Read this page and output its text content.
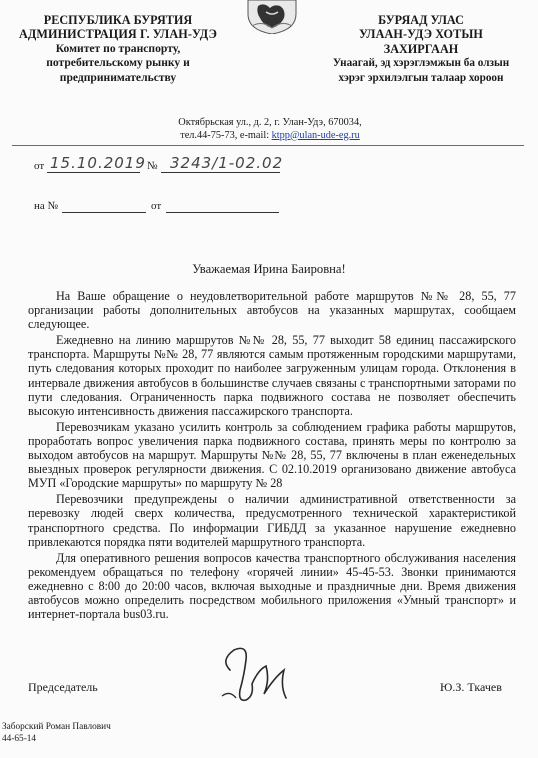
РЕСПУБЛИКА БУРЯТИЯ
АДМИНИСТРАЦИЯ Г. УЛАН-УДЭ
Комитет по транспорту,
потребительскому рынку и
предпринимательству
БУРЯАД УЛАС
УЛААН-УДЭ ХОТЫН
ЗАХИРГААН
Унаагай, эд хэрэглэмжын ба олзын
хэрэг эрхилэлгын талаар хороон
Октябрьская ул., д. 2, г. Улан-Удэ, 670034,
тел.44-75-73, e-mail: ktpp@ulan-ude-eg.ru
от 15.10.2019 № 3243/1-02.02
на №	от
Уважаемая Ирина Баировна!

На Ваше обращение о неудовлетворительной работе маршрутов №№ 28, 55, 77 организации работы дополнительных автобусов на указанных маршрутах, сообщаем следующее.

Ежедневно на линию маршрутов №№ 28, 55, 77 выходит 58 единиц пассажирского транспорта. Маршруты №№ 28, 77 являются самым протяженным городскими маршрутами, путь следования которых проходит по наиболее загруженным улицам города. Отклонения в интервале движения автобусов в большинстве случаев связаны с транспортными заторами по пути следования. Ограниченность парка подвижного состава не позволяет обеспечить высокую интенсивность движения пассажирского транспорта.

Перевозчикам указано усилить контроль за соблюдением графика работы маршрутов, проработать вопрос увеличения парка подвижного состава, принять меры по контролю за выходом автобусов на маршрут. Маршруты №№ 28, 55, 77 включены в план еженедельных выездных проверок регулярности движения. С 02.10.2019 организовано движение автобуса МУП «Городские маршруты» по маршруту № 28

Перевозчики предупреждены о наличии административной ответственности за перевозку людей сверх количества, предусмотренного технической характеристикой транспортного средства. По информации ГИБДД за указанное нарушение ежедневно привлекаются порядка пяти водителей маршрутного транспорта.

Для оперативного решения вопросов качества транспортного обслуживания населения рекомендуем обращаться по телефону «горячей линии» 45-45-53. Звонки принимаются ежедневно с 8:00 до 20:00 часов, включая выходные и праздничные дни. Время движения автобусов можно определить посредством мобильного приложения «Умный транспорт» и интернет-портала bus03.ru.

Председатель	Ю.З. Ткачев
Заборский Роман Павлович
44-65-14
